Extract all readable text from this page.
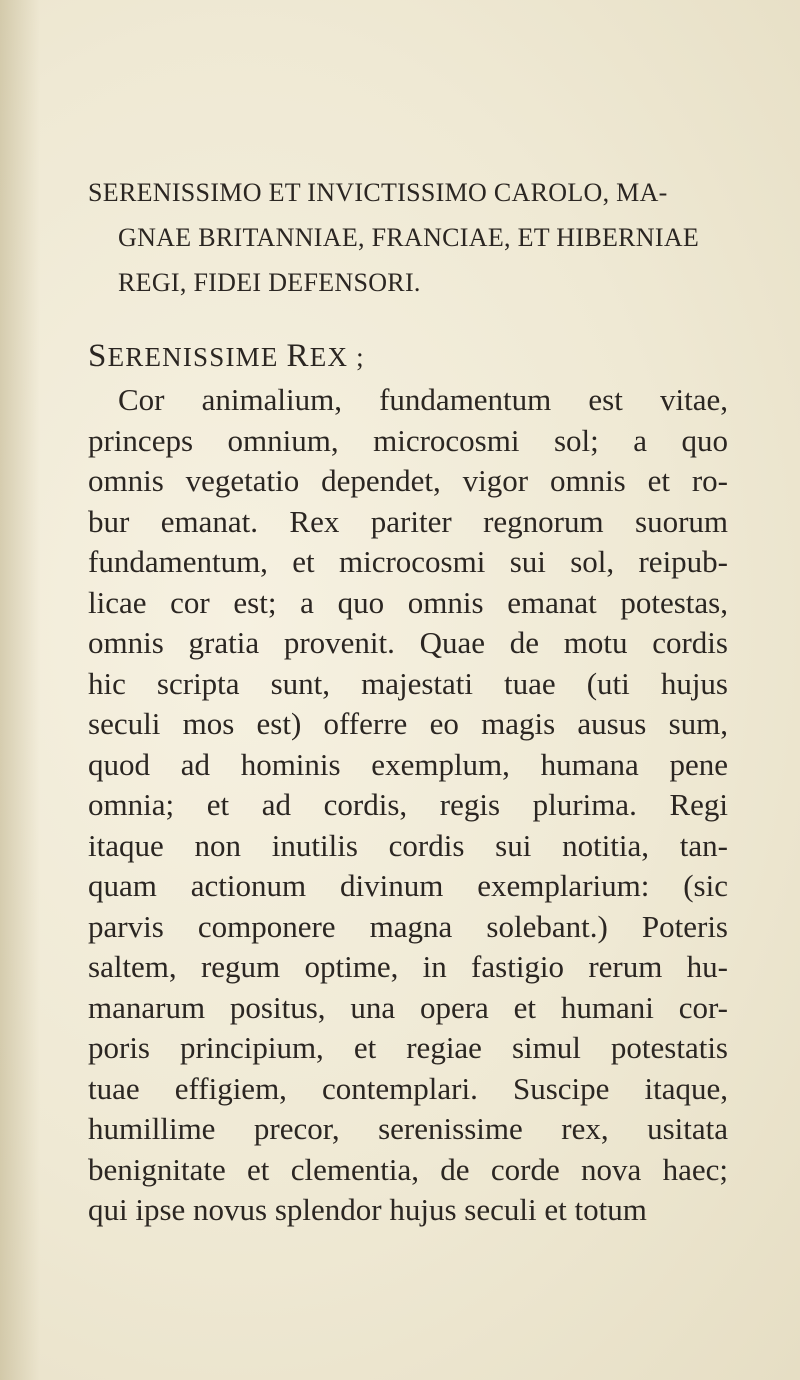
SERENISSIMO ET INVICTISSIMO CAROLO, MA-
GNAE BRITANNIAE, FRANCIAE, ET HIBERNIAE
REGI, FIDEI DEFENSORI.

SERENISSIME REX ;

Cor animalium, fundamentum est vitae,
princeps omnium, microcosmi sol; a quo
omnis vegetatio dependet, vigor omnis et ro-
bur emanat. Rex pariter regnorum suorum
fundamentum, et microcosmi sui sol, reipub-
licae cor est; a quo omnis emanat potestas,
omnis gratia provenit. Quae de motu cordis
hic scripta sunt, majestati tuae (uti hujus
seculi mos est) offerre eo magis ausus sum,
quod ad hominis exemplum, humana pene
omnia; et ad cordis, regis plurima. Regi
itaque non inutilis cordis sui notitia, tan-
quam actionum divinum exemplarium: (sic
parvis componere magna solebant.) Poteris
saltem, regum optime, in fastigio rerum hu-
manarum positus, una opera et humani cor-
poris principium, et regiae simul potestatis
tuae effigiem, contemplari. Suscipe itaque,
humillime precor, serenissime rex, usitata
benignitate et clementia, de corde nova haec;
qui ipse novus splendor hujus seculi et totum
